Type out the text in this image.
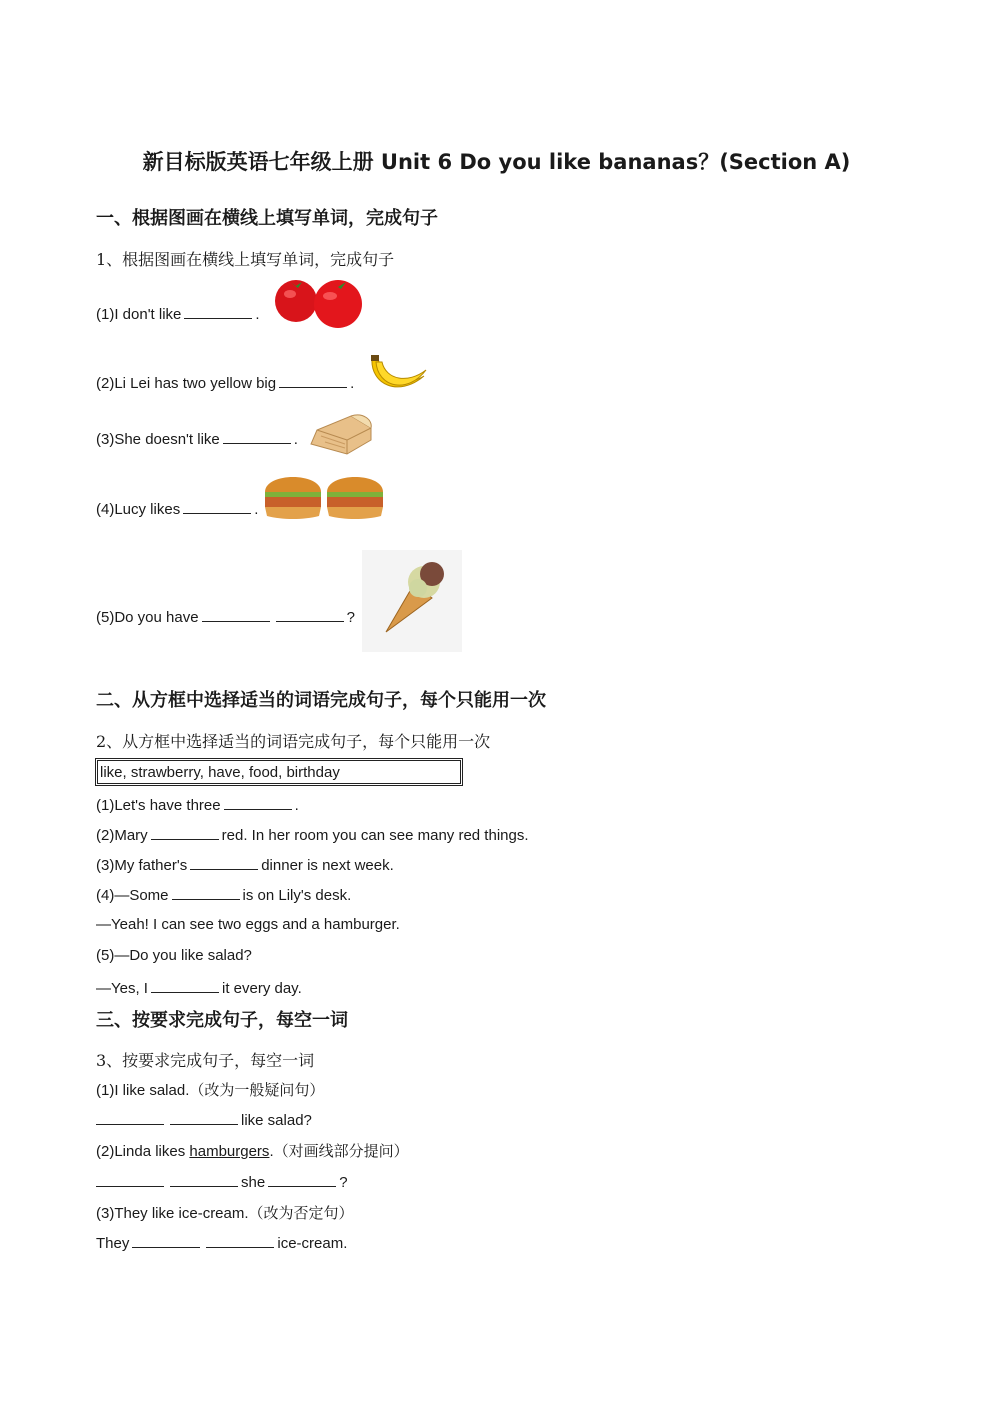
新目标版英语七年级上册 Unit 6 Do you like bananas？(Section A)
一、根据图画在横线上填写单词，完成句子
1、根据图画在横线上填写单词，完成句子
(1)I don't like	.
(2)Li Lei has two yellow big	.
(3)She doesn't like	.
(4)Lucy likes	.
(5)Do you have	?
二、从方框中选择适当的词语完成句子，每个只能用一次
2、从方框中选择适当的词语完成句子，每个只能用一次
like, strawberry, have, food, birthday
(1)Let's have three	.
(2)Mary	red. In her room you can see many red things.
(3)My father's	dinner is next week.
(4)—Some	is on Lily's desk.
—Yeah! I can see two eggs and a hamburger.
(5)—Do you like salad?
—Yes, I	it every day.
三、按要求完成句子，每空一词
3、按要求完成句子，每空一词
(1)I like salad.（改为一般疑问句）
like salad?
(2)Linda likes hamburgers.（对画线部分提问）
she	?
(3)They like ice-cream.（改为否定句）
They	ice-cream.
